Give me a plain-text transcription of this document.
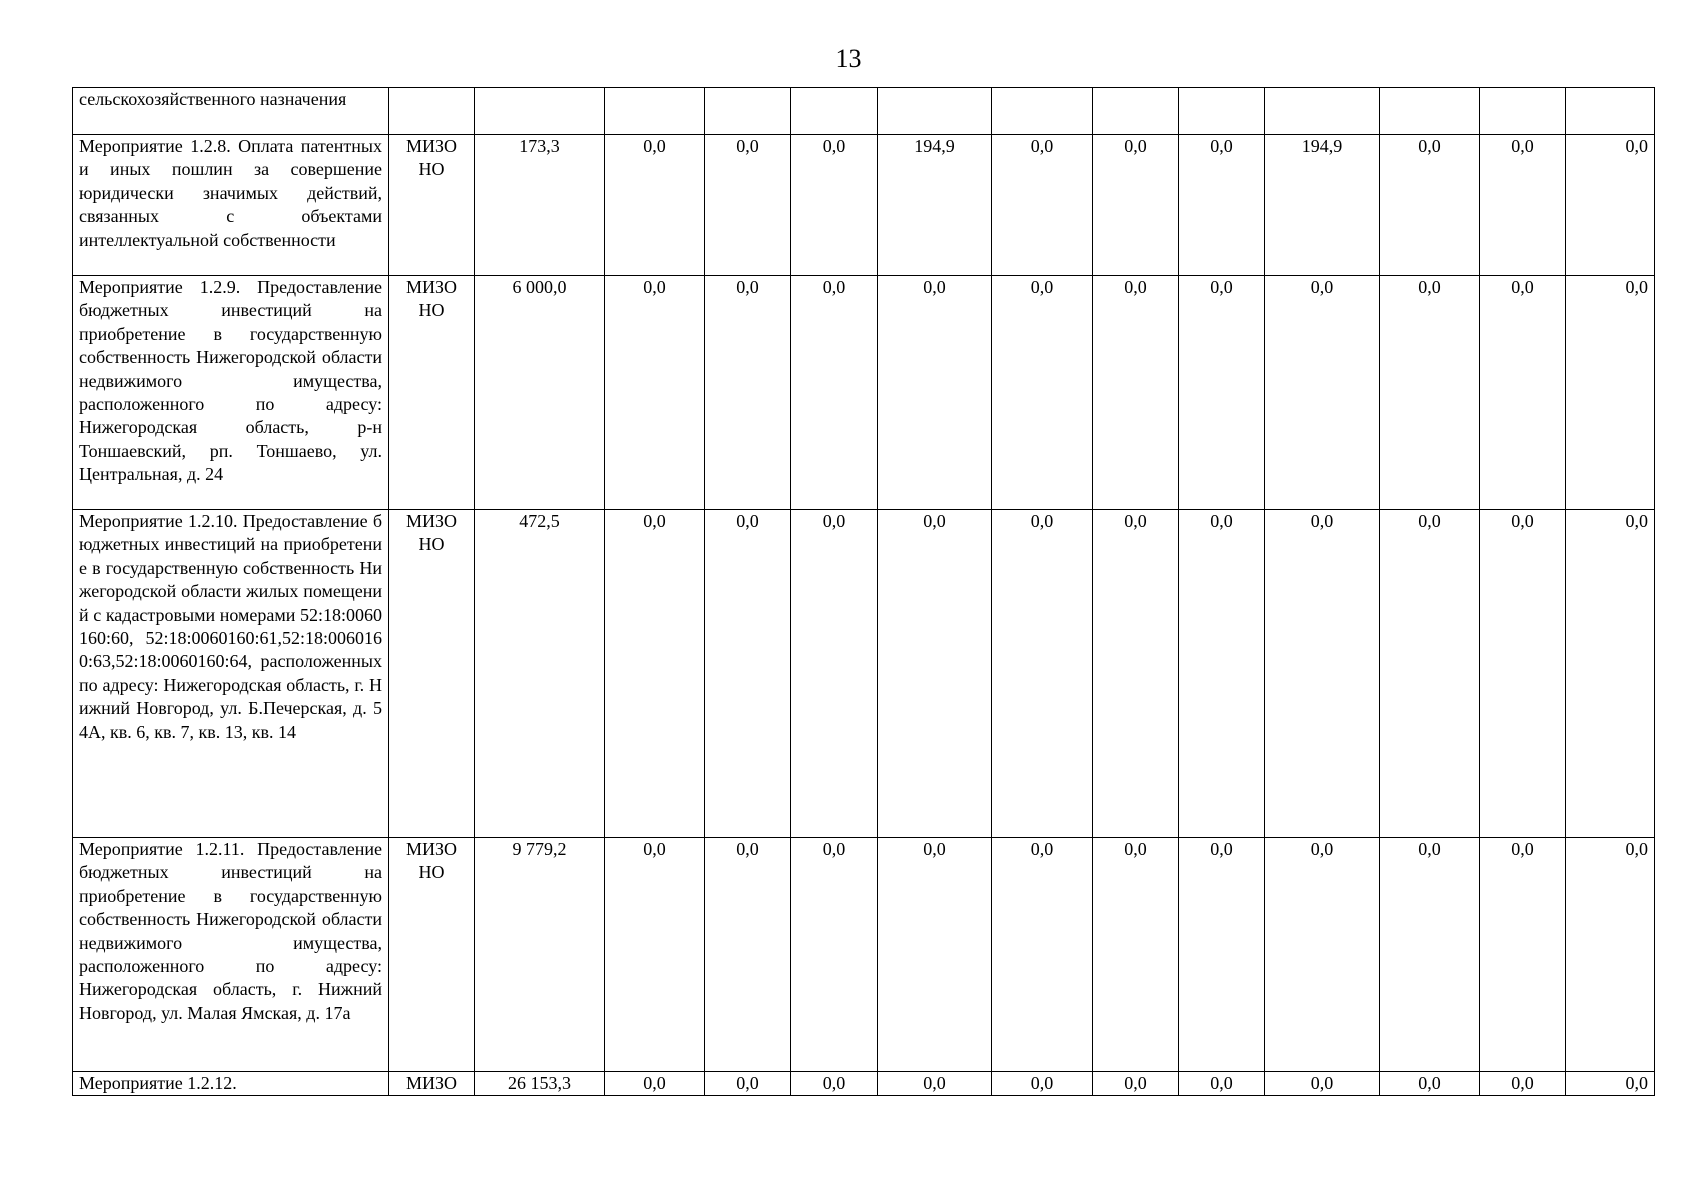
13
сельскохозяйственного назначения													

Мероприятие 1.2.8. Оплата патентных и иных пошлин за совершение юридически значимых действий, связанных с объектами интеллектуальной собственности	МИЗО НО	173,3	0,0	0,0	0,0	194,9	0,0	0,0	0,0	194,9	0,0	0,0	0,0

Мероприятие 1.2.9. Предоставление бюджетных инвестиций на приобретение в государственную собственность Нижегородской области недвижимого имущества, расположенного по адресу: Нижегородская область, р-н Тоншаевский, рп. Тоншаево, ул. Центральная, д. 24	МИЗО НО	6 000,0	0,0	0,0	0,0	0,0	0,0	0,0	0,0	0,0	0,0	0,0	0,0

Мероприятие 1.2.10. Предоставление бюджетных инвестиций на приобретение в государственную собственность Нижегородской области жилых помещений с кадастровыми номерами 52:18:0060160:60, 52:18:0060160:61,52:18:0060160:63,52:18:0060160:64, расположенных по адресу: Нижегородская область, г. Нижний Новгород, ул. Б.Печерская, д. 54А, кв. 6, кв. 7, кв. 13, кв. 14	МИЗО НО	472,5	0,0	0,0	0,0	0,0	0,0	0,0	0,0	0,0	0,0	0,0	0,0

Мероприятие 1.2.11. Предоставление бюджетных инвестиций на приобретение в государственную собственность Нижегородской области недвижимого имущества, расположенного по адресу: Нижегородская область, г. Нижний Новгород, ул. Малая Ямская, д. 17а	МИЗО НО	9 779,2	0,0	0,0	0,0	0,0	0,0	0,0	0,0	0,0	0,0	0,0	0,0

Мероприятие 1.2.12.	МИЗО	26 153,3	0,0	0,0	0,0	0,0	0,0	0,0	0,0	0,0	0,0	0,0	0,0
